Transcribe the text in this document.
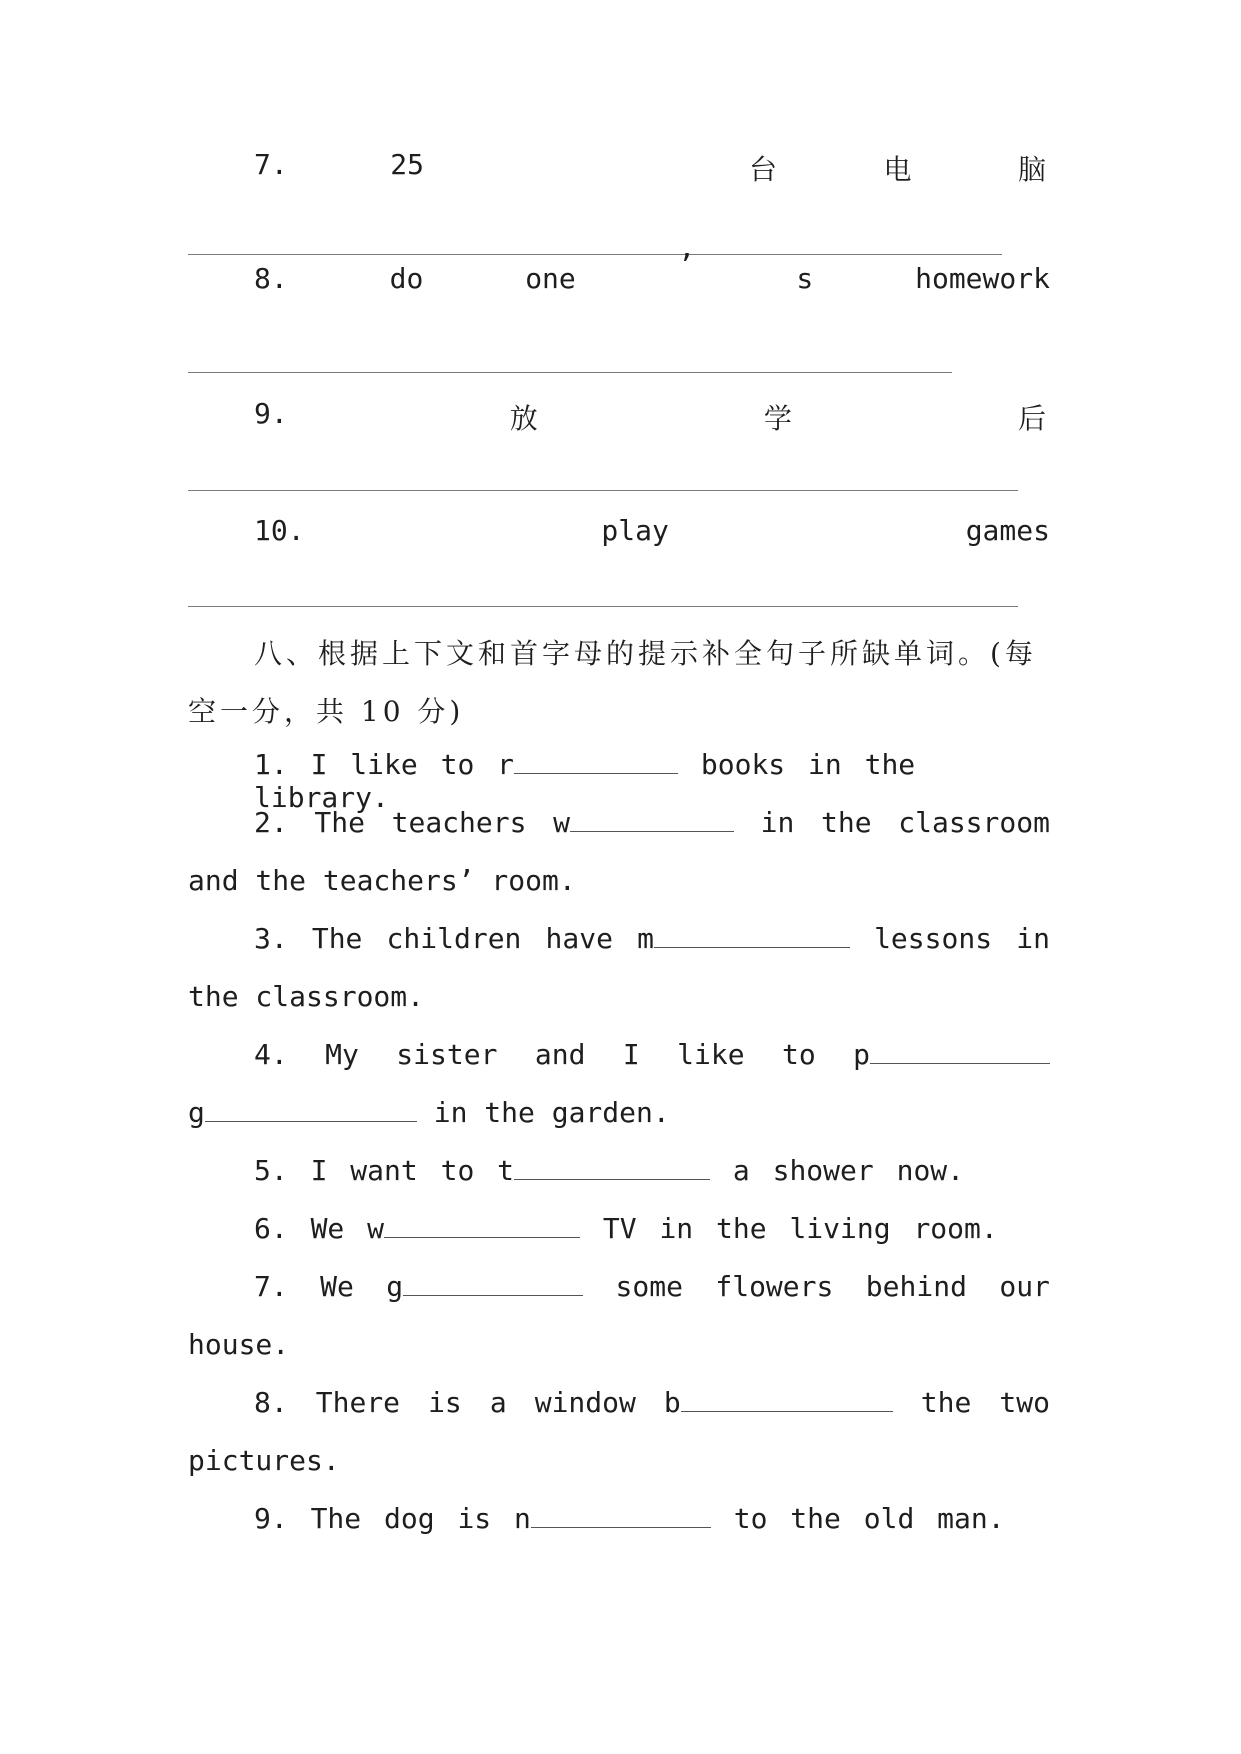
7.	25	台	电	脑
8.	do	one	’	s	homework
9.	放	学	后
10.	play	games
八、根据上下文和首字母的提示补全句子所缺单词。(每
空一分，共 10 分)
1. I like to r	books in the library.
2. The teachers w	in the classroom
and the teachers’ room.
3. The children have m	lessons in
the classroom.
4. My sister and I like to p
g	in the garden.
5. I want to t	a shower now.
6. We w	TV in the living room.
7. We g	some flowers behind our
house.
8. There is a window b	the two
pictures.
9. The dog is n	to the old man.
